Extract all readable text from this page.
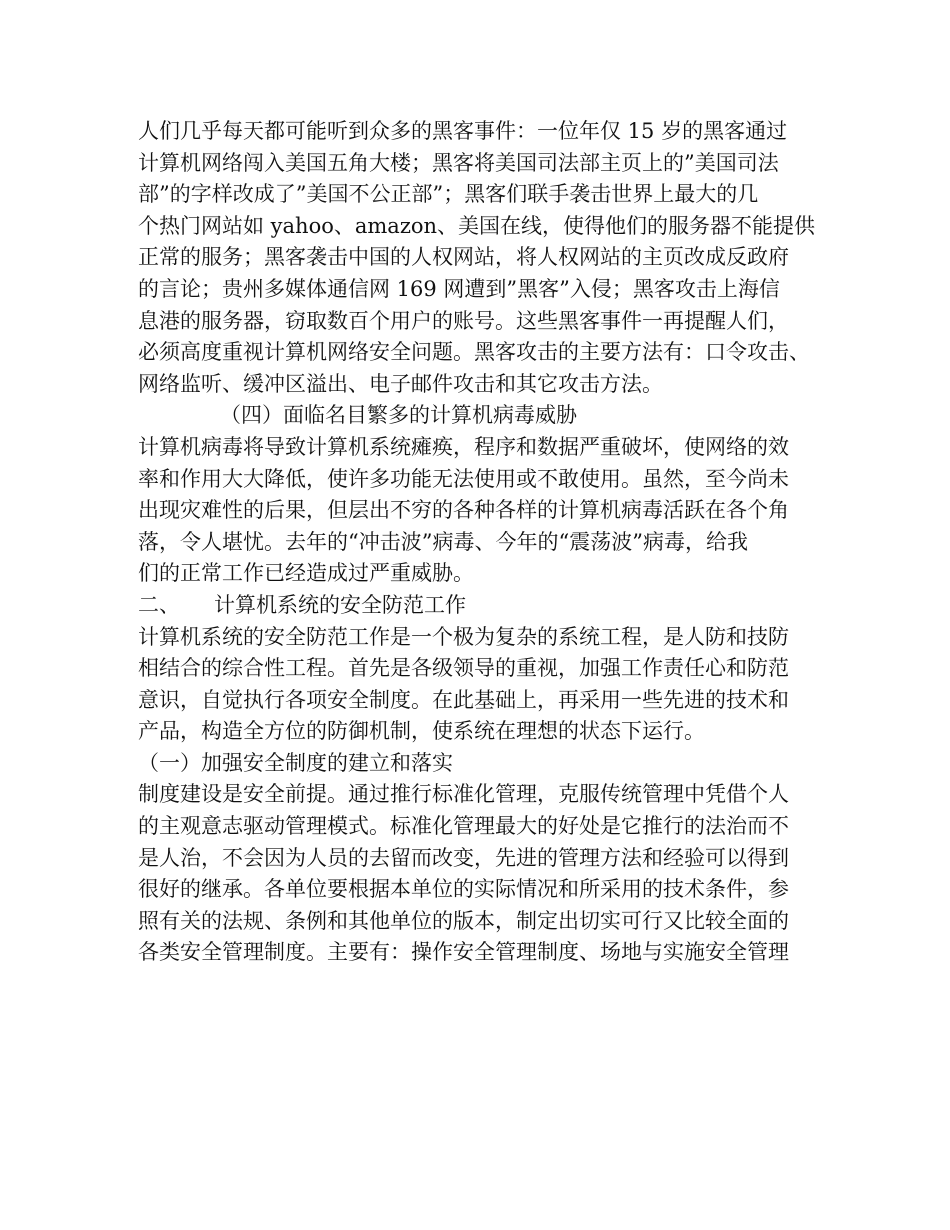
人们几乎每天都可能听到众多的黑客事件：一位年仅 15 岁的黑客通过
计算机网络闯入美国五角大楼；黑客将美国司法部主页上的”美国司法
部”的字样改成了”美国不公正部”；黑客们联手袭击世界上最大的几
个热门网站如 yahoo、amazon、美国在线，使得他们的服务器不能提供
正常的服务；黑客袭击中国的人权网站，将人权网站的主页改成反政府
的言论；贵州多媒体通信网 169 网遭到”黑客”入侵；黑客攻击上海信
息港的服务器，窃取数百个用户的账号。这些黑客事件一再提醒人们，
必须高度重视计算机网络安全问题。黑客攻击的主要方法有：口令攻击、
网络监听、缓冲区溢出、电子邮件攻击和其它攻击方法。
（四）面临名目繁多的计算机病毒威胁
计算机病毒将导致计算机系统瘫痪，程序和数据严重破坏，使网络的效
率和作用大大降低，使许多功能无法使用或不敢使用。虽然，至今尚未
出现灾难性的后果，但层出不穷的各种各样的计算机病毒活跃在各个角
落，令人堪忧。去年的“冲击波”病毒、今年的“震荡波”病毒，给我
们的正常工作已经造成过严重威胁。
二、 计算机系统的安全防范工作
计算机系统的安全防范工作是一个极为复杂的系统工程，是人防和技防
相结合的综合性工程。首先是各级领导的重视，加强工作责任心和防范
意识，自觉执行各项安全制度。在此基础上，再采用一些先进的技术和
产品，构造全方位的防御机制，使系统在理想的状态下运行。
（一）加强安全制度的建立和落实
制度建设是安全前提。通过推行标准化管理，克服传统管理中凭借个人
的主观意志驱动管理模式。标准化管理最大的好处是它推行的法治而不
是人治，不会因为人员的去留而改变，先进的管理方法和经验可以得到
很好的继承。各单位要根据本单位的实际情况和所采用的技术条件，参
照有关的法规、条例和其他单位的版本，制定出切实可行又比较全面的
各类安全管理制度。主要有：操作安全管理制度、场地与实施安全管理
